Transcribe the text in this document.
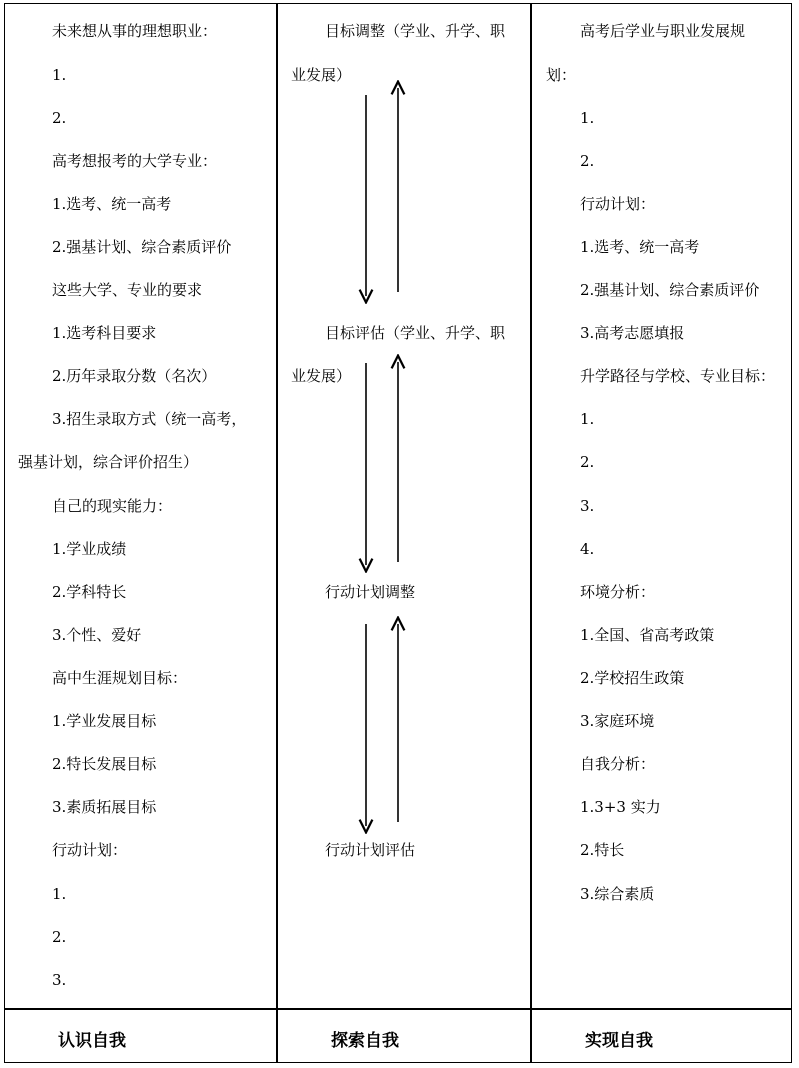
未来想从事的理想职业：
1.
2.
高考想报考的大学专业：
1.选考、统一高考
2.强基计划、综合素质评价
这些大学、专业的要求
1.选考科目要求
2.历年录取分数（名次）
3.招生录取方式（统一高考，
强基计划，综合评价招生）
自己的现实能力：
1.学业成绩
2.学科特长
3.个性、爱好
高中生涯规划目标：
1.学业发展目标
2.特长发展目标
3.素质拓展目标
行动计划：
1.
2.
3.
目标调整（学业、升学、职
业发展）
目标评估（学业、升学、职
业发展）
行动计划调整
行动计划评估
高考后学业与职业发展规
划：
1.
2.
行动计划：
1.选考、统一高考
2.强基计划、综合素质评价
3.高考志愿填报
升学路径与学校、专业目标：
1.
2.
3.
4.
环境分析：
1.全国、省高考政策
2.学校招生政策
3.家庭环境
自我分析：
1.3+3 实力
2.特长
3.综合素质
认识自我	探索自我	实现自我
